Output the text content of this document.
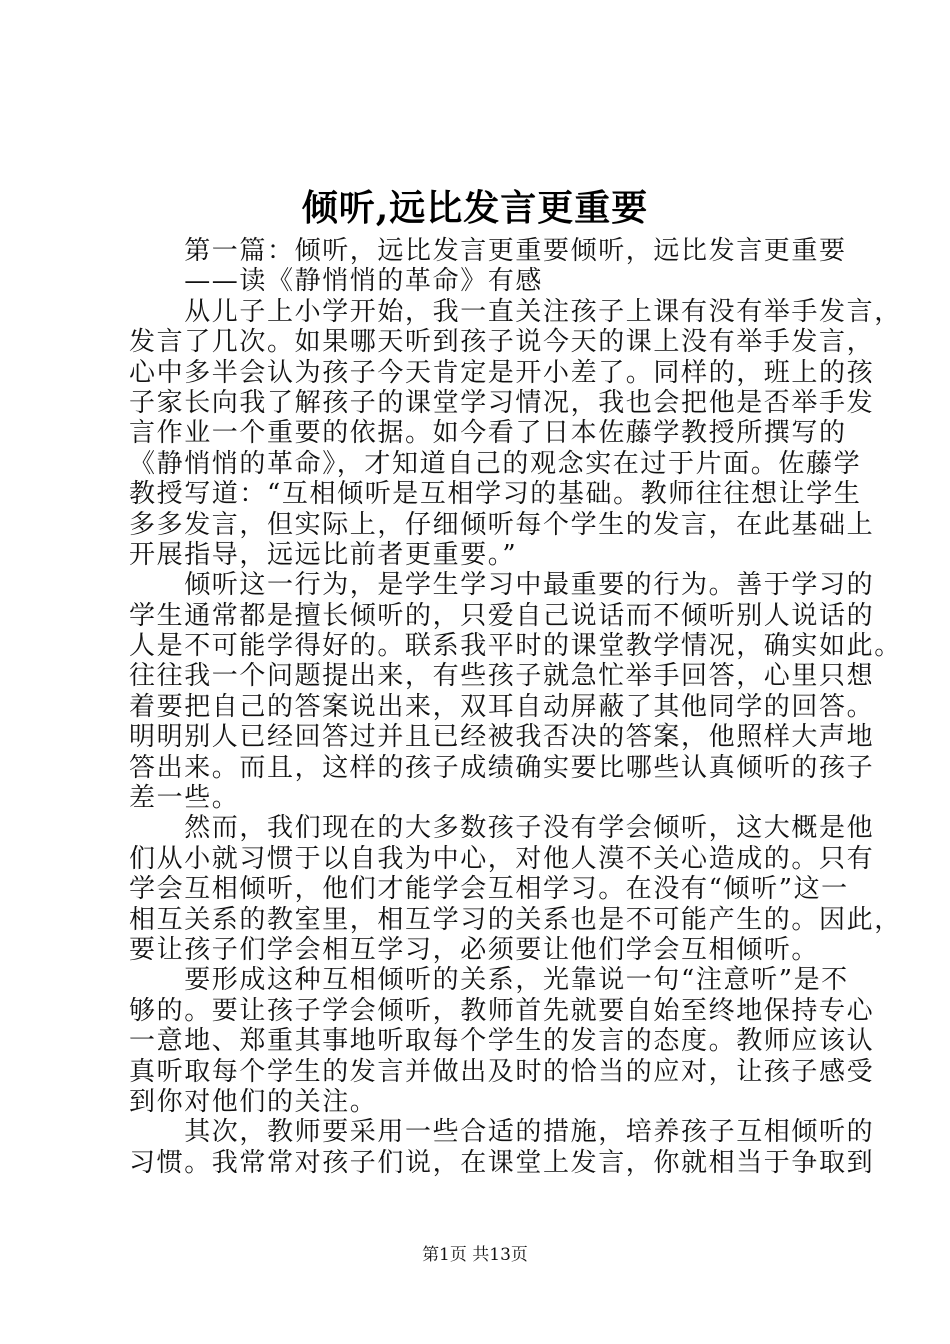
倾听,远比发言更重要
　　第一篇：倾听，远比发言更重要倾听，远比发言更重要
　　——读《静悄悄的革命》有感
　　从儿子上小学开始，我一直关注孩子上课有没有举手发言，
发言了几次。如果哪天听到孩子说今天的课上没有举手发言，
心中多半会认为孩子今天肯定是开小差了。同样的，班上的孩
子家长向我了解孩子的课堂学习情况，我也会把他是否举手发
言作业一个重要的依据。如今看了日本佐藤学教授所撰写的
《静悄悄的革命》，才知道自己的观念实在过于片面。佐藤学
教授写道：“互相倾听是互相学习的基础。教师往往想让学生
多多发言，但实际上，仔细倾听每个学生的发言，在此基础上
开展指导，远远比前者更重要。”
　　倾听这一行为，是学生学习中最重要的行为。善于学习的
学生通常都是擅长倾听的，只爱自己说话而不倾听别人说话的
人是不可能学得好的。联系我平时的课堂教学情况，确实如此。
往往我一个问题提出来，有些孩子就急忙举手回答，心里只想
着要把自己的答案说出来，双耳自动屏蔽了其他同学的回答。
明明别人已经回答过并且已经被我否决的答案，他照样大声地
答出来。而且，这样的孩子成绩确实要比哪些认真倾听的孩子
差一些。
　　然而，我们现在的大多数孩子没有学会倾听，这大概是他
们从小就习惯于以自我为中心，对他人漠不关心造成的。只有
学会互相倾听，他们才能学会互相学习。在没有“倾听”这一
相互关系的教室里，相互学习的关系也是不可能产生的。因此，
要让孩子们学会相互学习，必须要让他们学会互相倾听。
　　要形成这种互相倾听的关系，光靠说一句“注意听”是不
够的。要让孩子学会倾听，教师首先就要自始至终地保持专心
一意地、郑重其事地听取每个学生的发言的态度。教师应该认
真听取每个学生的发言并做出及时的恰当的应对，让孩子感受
到你对他们的关注。
　　其次，教师要采用一些合适的措施，培养孩子互相倾听的
习惯。我常常对孩子们说，在课堂上发言，你就相当于争取到
第1页 共13页
